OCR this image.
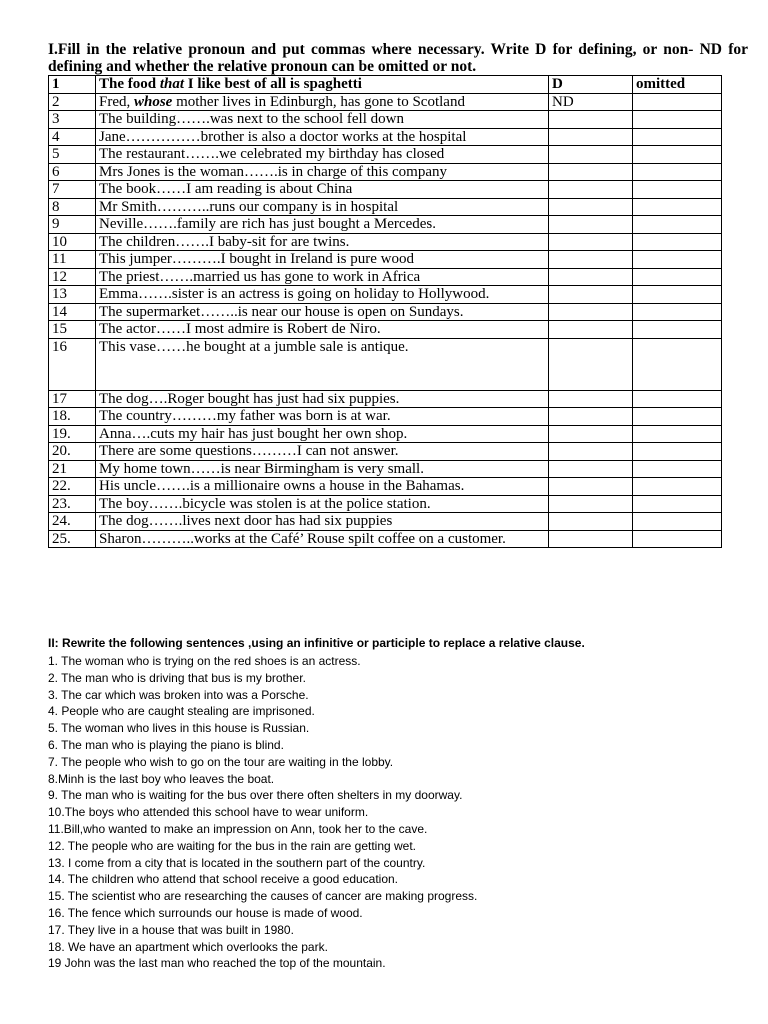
I.Fill in the relative pronoun and put commas where necessary. Write D for defining, or non- ND for defining and whether the relative pronoun can be omitted or not.
1	The food that I like best of all is spaghetti	D	omitted
2	Fred, whose mother lives in Edinburgh, has gone to Scotland	ND	
3	The building…….was next to the school fell down		
4	Jane……………brother is also a doctor works at the hospital		
5	The restaurant…….we celebrated my birthday has closed		
6	Mrs Jones is the woman…….is in charge of this company		
7	The book……I am reading is about China		
8	Mr Smith………..runs our company is in hospital		
9	Neville…….family are rich has just bought a Mercedes.		
10	The children…….I baby-sit for are twins.		
11	This jumper……….I bought in Ireland is pure wood		
12	The priest…….married us has gone to work in Africa		
13	Emma…….sister is an actress is going on holiday to Hollywood.		
14	The supermarket……..is near our house is open on Sundays.		
15	The actor……I most admire is Robert de Niro.		
16	This vase……he bought at a jumble sale is antique.		
17	The dog….Roger bought has just had six puppies.		
18.	The country………my father was born is at war.		
19.	Anna….cuts my hair has just bought her own shop.		
20.	There are some questions………I can not answer.		
21	My home town……is near Birmingham is very small.		
22.	His uncle…….is a millionaire owns a house in the Bahamas.		
23.	The boy…….bicycle was stolen is at the police station.		
24.	The dog…….lives next door has had six puppies		
25.	Sharon………..works at the Café’ Rouse spilt coffee on a customer.		
II: Rewrite the following sentences ,using an infinitive or participle to replace a relative clause.
1. The woman who is trying on the red shoes is an actress.
2. The man who is driving that bus is my brother.
3. The car which was broken into was a Porsche.
4. People who are caught stealing are imprisoned.
5. The woman who lives in this house is Russian.
6. The man who is playing the piano is blind.
7. The people who wish to go on the tour are waiting in the lobby.
8.Minh is the last boy who leaves the boat.
9. The man who is waiting for the bus over there often shelters in my doorway.
10.The boys who attended this school have to wear uniform.
11.Bill,who wanted to make an impression on Ann, took her to the cave.
12. The people who are waiting for the bus in the rain are getting wet.
13. I come from a city that is located in the southern part of the country.
14. The children who attend that school receive a good education.
15. The scientist who are researching the causes of cancer are making progress.
16. The fence which surrounds our house is made of wood.
17. They live in a house that was built in 1980.
18. We have an apartment which overlooks the park.
19 John was the last man who reached the top of the mountain.
